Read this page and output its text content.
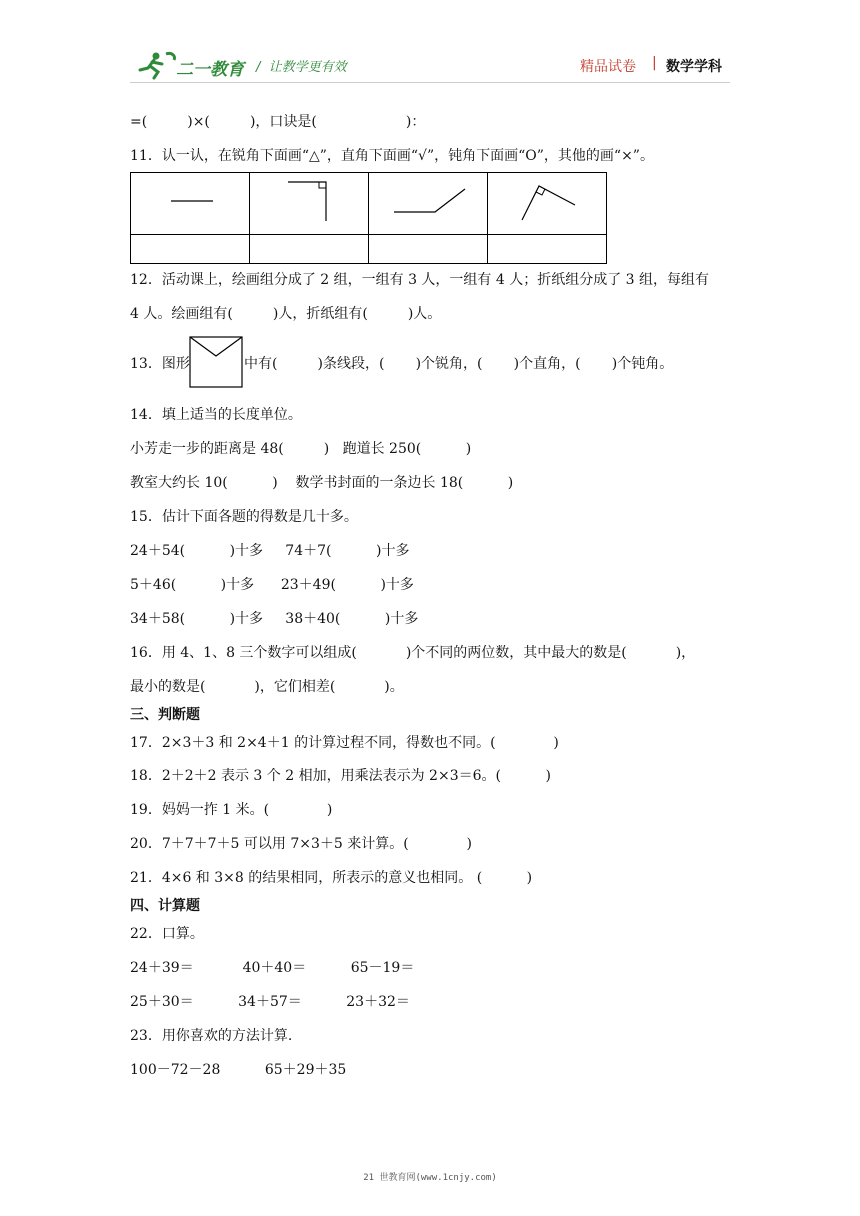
二一教育 /  让教学更有效	精品试卷 | 数学学科
=(         )×(         )，口诀是(                    )：
11．认一认，在锐角下面画“△”，直角下面画“√”，钝角下面画“O”，其他的画“×”。

12．活动课上，绘画组分成了 2 组，一组有 3 人，一组有 4 人；折纸组分成了 3 组，每组有
4 人。绘画组有(         )人，折纸组有(         )人。
13．图形	中有(         )条线段，(       )个锐角，(       )个直角，(       )个钝角。
14．填上适当的长度单位。
小芳走一步的距离是 48(         )   跑道长 250(          )
教室大约长 10(          )    数学书封面的一条边长 18(          )
15．估计下面各题的得数是几十多。
24＋54(          )十多     74＋7(          )十多
5＋46(          )十多      23＋49(          )十多
34＋58(          )十多     38＋40(          )十多
16．用 4、1、8 三个数字可以组成(           )个不同的两位数，其中最大的数是(           )，
最小的数是(           )，它们相差(           )。
三、判断题
17．2×3＋3 和 2×4＋1 的计算过程不同，得数也不同。(             )
18．2＋2＋2 表示 3 个 2 相加，用乘法表示为 2×3＝6。(          )
19．妈妈一拃 1 米。(             )
20．7＋7＋7＋5 可以用 7×3＋5 来计算。(             )
21．4×6 和 3×8 的结果相同，所表示的意义也相同。 (          )
四、计算题
22．口算。
24＋39＝           40＋40＝          65－19＝
25＋30＝          34＋57＝          23＋32＝
23．用你喜欢的方法计算.
100－72－28          65＋29＋35
21 世教育网(www.1cnjy.com)
